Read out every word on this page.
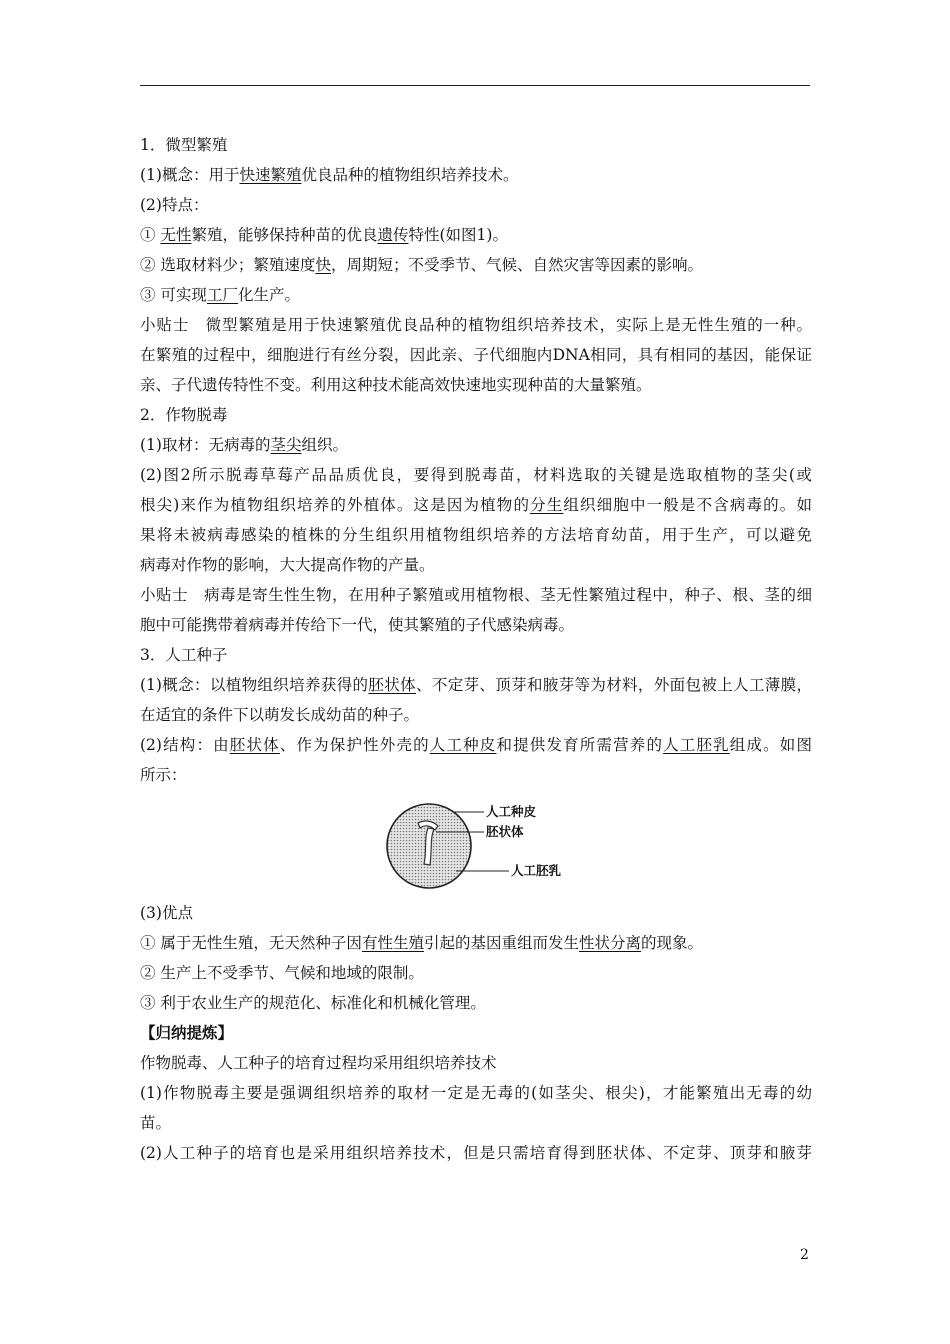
1．微型繁殖
(1)概念：用于快速繁殖优良品种的植物组织培养技术。
(2)特点：
① 无性繁殖，能够保持种苗的优良遗传特性(如图1)。
② 选取材料少；繁殖速度快，周期短；不受季节、气候、自然灾害等因素的影响。
③ 可实现工厂化生产。
小贴士　微型繁殖是用于快速繁殖优良品种的植物组织培养技术，实际上是无性生殖的一种。
在繁殖的过程中，细胞进行有丝分裂，因此亲、子代细胞内DNA相同，具有相同的基因，能保证
亲、子代遗传特性不变。利用这种技术能高效快速地实现种苗的大量繁殖。
2．作物脱毒
(1)取材：无病毒的茎尖组织。
(2)图2所示脱毒草莓产品品质优良，要得到脱毒苗，材料选取的关键是选取植物的茎尖(或
根尖)来作为植物组织培养的外植体。这是因为植物的分生组织细胞中一般是不含病毒的。如
果将未被病毒感染的植株的分生组织用植物组织培养的方法培育幼苗，用于生产，可以避免
病毒对作物的影响，大大提高作物的产量。
小贴士　病毒是寄生性生物，在用种子繁殖或用植物根、茎无性繁殖过程中，种子、根、茎的细
胞中可能携带着病毒并传给下一代，使其繁殖的子代感染病毒。
3．人工种子
(1)概念：以植物组织培养获得的胚状体、不定芽、顶芽和腋芽等为材料，外面包被上人工薄膜，
在适宜的条件下以萌发长成幼苗的种子。
(2)结构：由胚状体、作为保护性外壳的人工种皮和提供发育所需营养的人工胚乳组成。如图
所示：
人工种皮
胚状体
人工胚乳
(3)优点
① 属于无性生殖，无天然种子因有性生殖引起的基因重组而发生性状分离的现象。
② 生产上不受季节、气候和地域的限制。
③ 利于农业生产的规范化、标准化和机械化管理。
【归纳提炼】
作物脱毒、人工种子的培育过程均采用组织培养技术
(1)作物脱毒主要是强调组织培养的取材一定是无毒的(如茎尖、根尖)，才能繁殖出无毒的幼
苗。
(2)人工种子的培育也是采用组织培养技术，但是只需培育得到胚状体、不定芽、顶芽和腋芽
2
